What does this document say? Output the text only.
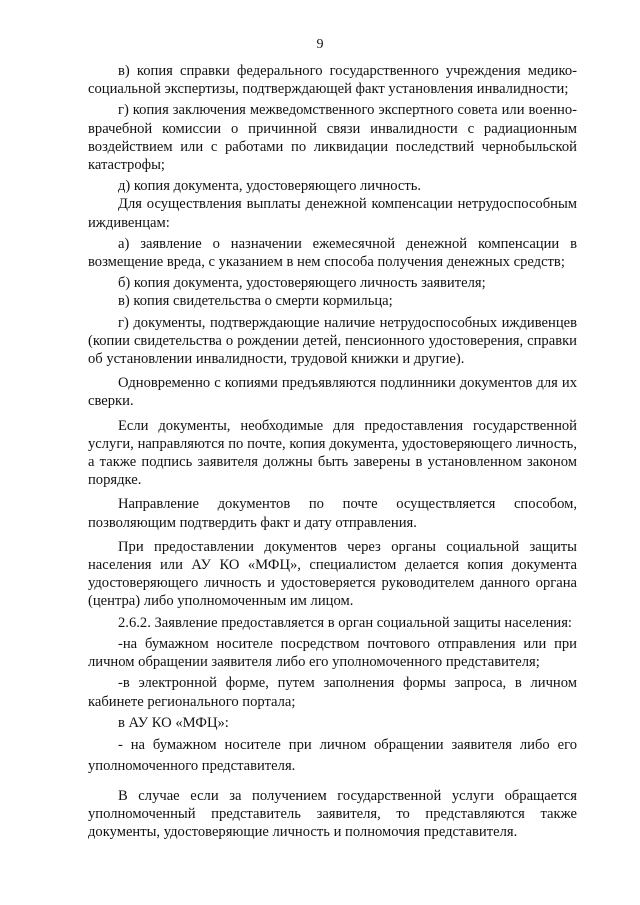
9

в) копия справки федерального государственного учреждения медико-социальной экспертизы, подтверждающей факт установления инвалидности;

г) копия заключения межведомственного экспертного совета или военно-врачебной комиссии о причинной связи инвалидности с радиационным воздействием или с работами по ликвидации последствий чернобыльской катастрофы;

д) копия документа, удостоверяющего личность.

Для осуществления выплаты денежной компенсации нетрудоспособным иждивенцам:

а) заявление о назначении ежемесячной денежной компенсации в возмещение вреда, с указанием в нем способа получения денежных средств;

б) копия документа, удостоверяющего личность заявителя;

в) копия свидетельства о смерти кормильца;

г) документы, подтверждающие наличие нетрудоспособных иждивенцев (копии свидетельства о рождении детей, пенсионного удостоверения, справки об установлении инвалидности, трудовой книжки и другие).

Одновременно с копиями предъявляются подлинники документов для их сверки.

Если документы, необходимые для предоставления государственной услуги, направляются по почте, копия документа, удостоверяющего личность, а также подпись заявителя должны быть заверены в установленном законом порядке.

Направление документов по почте осуществляется способом, позволяющим подтвердить факт и дату отправления.

При предоставлении документов через органы социальной защиты населения или АУ КО «МФЦ», специалистом делается копия документа удостоверяющего личность и удостоверяется руководителем данного органа (центра) либо уполномоченным им лицом.

2.6.2. Заявление предоставляется в орган социальной защиты населения:

-на бумажном носителе посредством почтового отправления или при личном обращении заявителя либо его уполномоченного представителя;

-в электронной форме, путем заполнения формы запроса, в личном кабинете регионального портала;

в АУ КО «МФЦ»:

- на бумажном носителе при личном обращении заявителя либо его уполномоченного представителя.

В случае если за получением государственной услуги обращается уполномоченный представитель заявителя, то представляются также документы, удостоверяющие личность и полномочия представителя.
